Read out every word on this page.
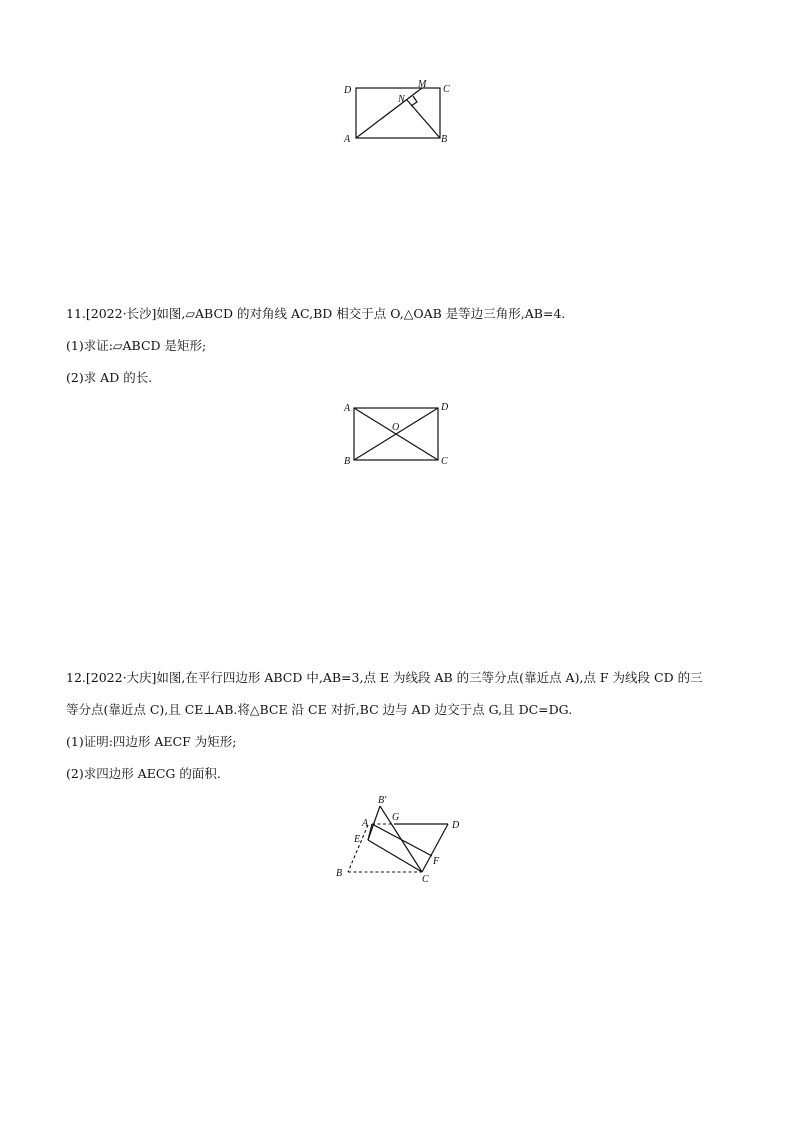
D	C
A	B
M
N
11.[2022·长沙]如图,▱ABCD 的对角线 AC,BD 相交于点 O,△OAB 是等边三角形,AB=4.
(1)求证:▱ABCD 是矩形;
(2)求 AD 的长.
A	D
B	C
O
12.[2022·大庆]如图,在平行四边形 ABCD 中,AB=3,点 E 为线段 AB 的三等分点(靠近点 A),点 F 为线段 CD 的三
等分点(靠近点 C),且 CE⊥AB.将△BCE 沿 CE 对折,BC 边与 AD 边交于点 G,且 DC=DG.
(1)证明:四边形 AECF 为矩形;
(2)求四边形 AECG 的面积.
B′
A
G
D
E
F
B
C
